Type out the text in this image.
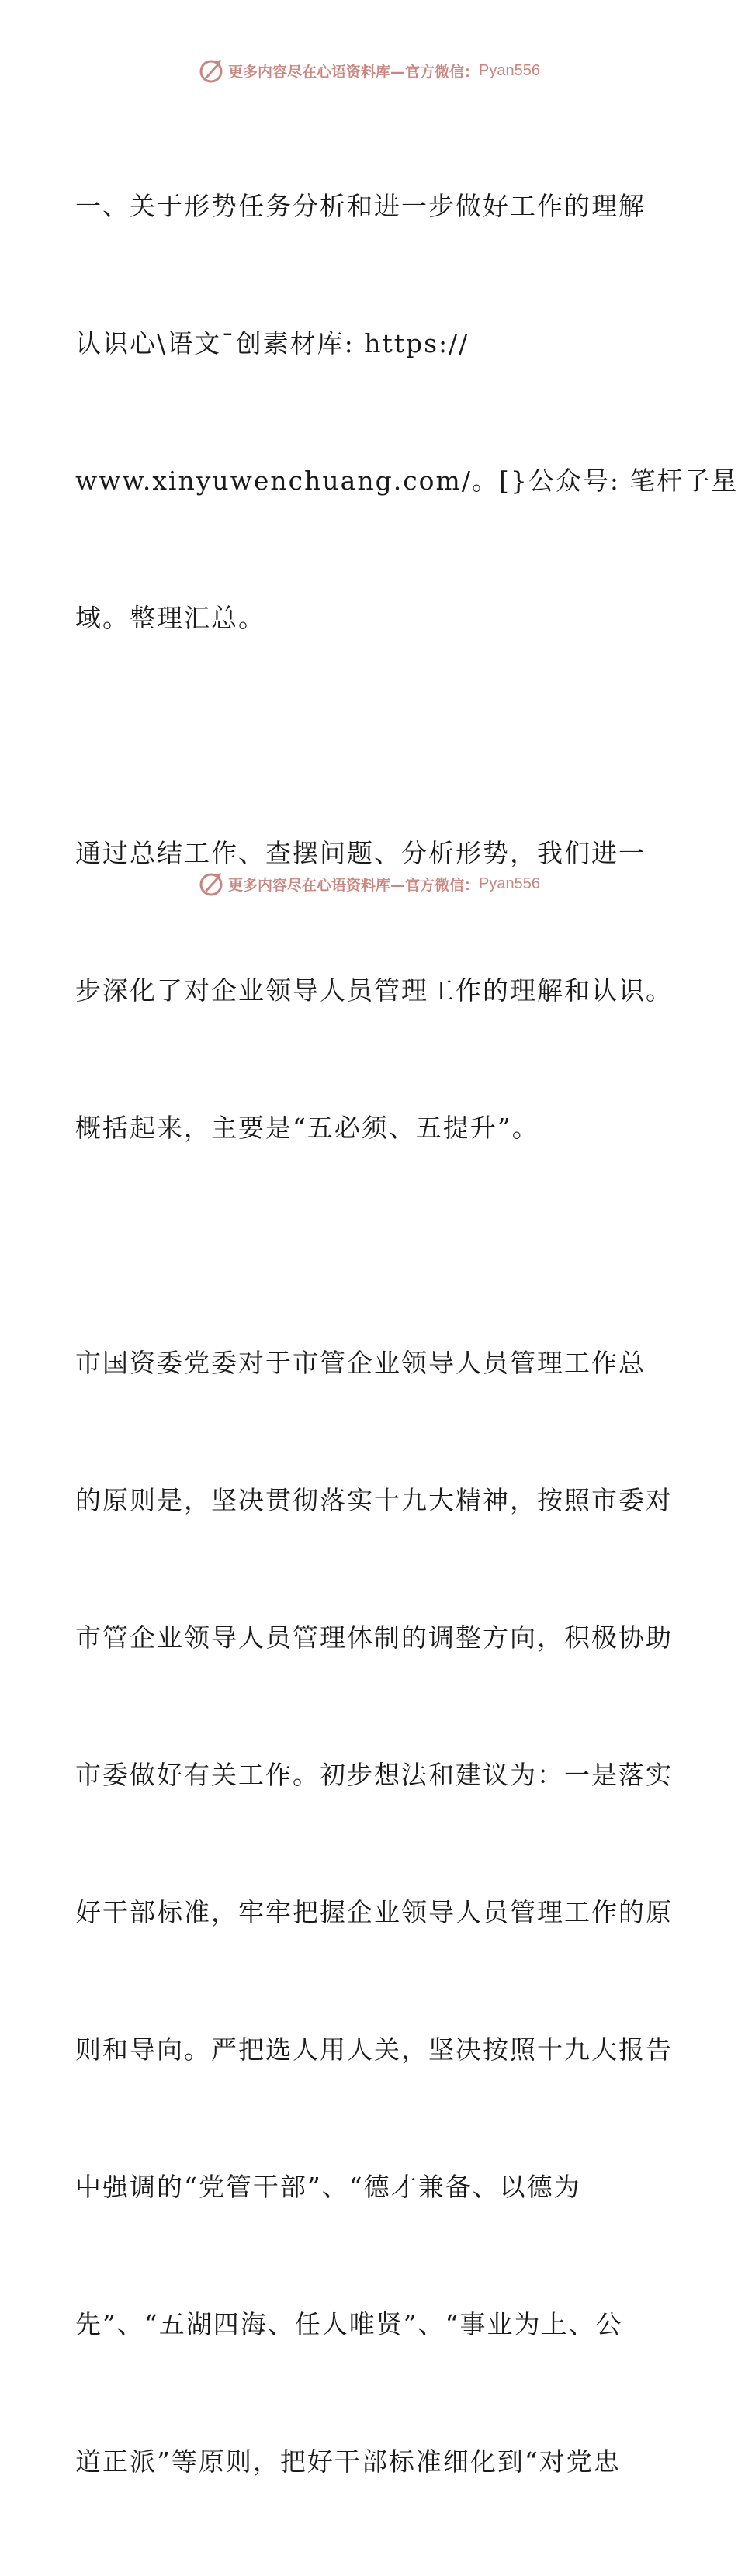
更多内容尽在心语资料库—官方微信： Pyan556

一、关于形势任务分析和进一步做好工作的理解

认识心\语文¯创素材库: https://

www.xinyuwenchuang.com/。[}公众号: 笔杆子星

域。整理汇总。

通过总结工作、查摆问题、分析形势，我们进一

步深化了对企业领导人员管理工作的理解和认识。

概括起来，主要是“五必须、五提升”。

市国资委党委对于市管企业领导人员管理工作总

的原则是，坚决贯彻落实十九大精神，按照市委对

市管企业领导人员管理体制的调整方向，积极协助

市委做好有关工作。初步想法和建议为：一是落实

好干部标准，牢牢把握企业领导人员管理工作的原

则和导向。严把选人用人关，坚决按照十九大报告

中强调的“党管干部”、“德才兼备、以德为

先”、“五湖四海、任人唯贤”、“事业为上、公

道正派”等原则，把好干部标准细化到“对党忠

更多内容尽在心语资料库—官方微信： Pyan556
